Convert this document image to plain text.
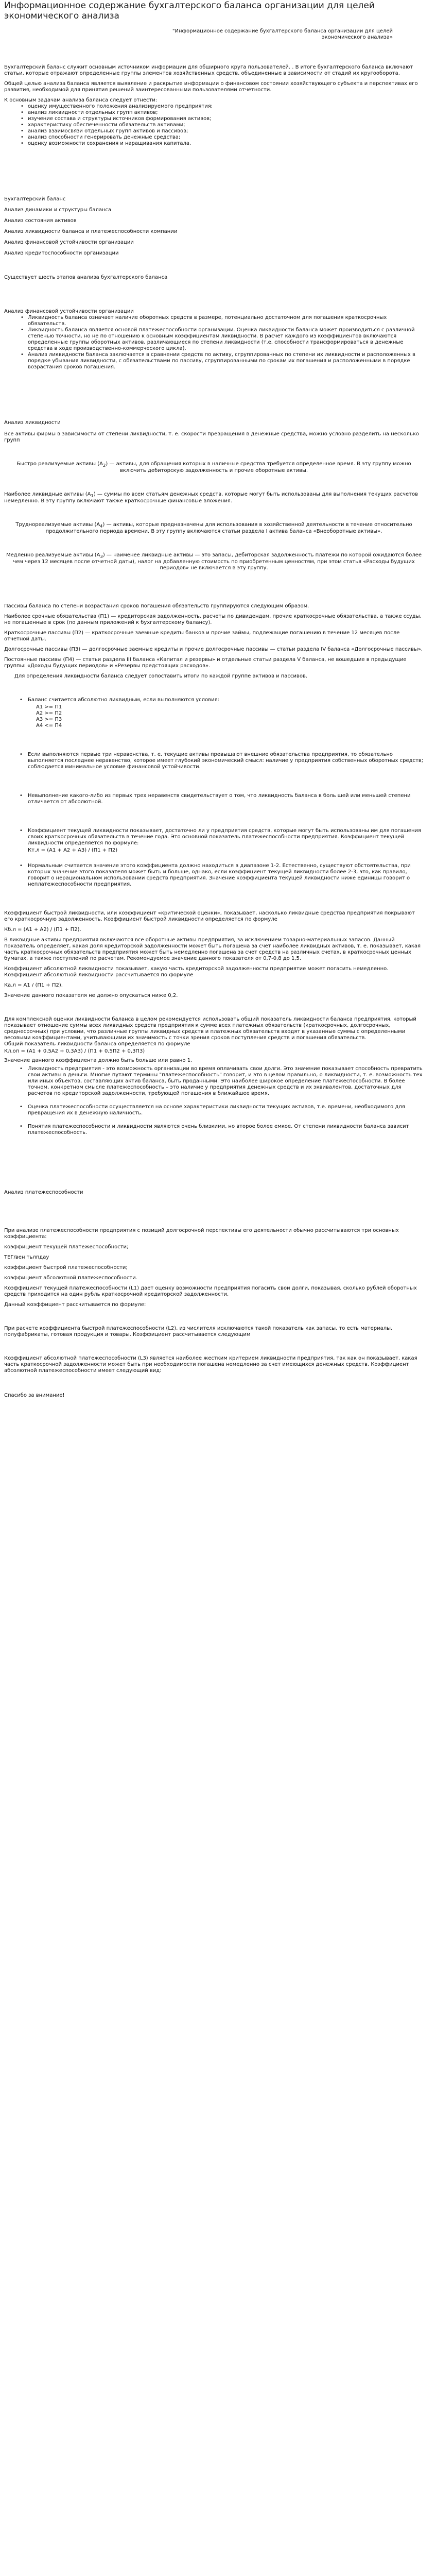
Информационное содержание бухгалтерского баланса организации для целей экономического анализа
"Информационное содержание бухгалтерского баланса организации для целей экономического анализа»

Бухгалтерский баланс служит основным источником информации для обширного круга пользователей. . В итоге бухгалтерского баланса включают статьи, которые отражают определенные группы элементов хозяйственных средств, объединенные в зависимости от стадий их кругооборота.

Общей целью анализа баланса является выявление и раскрытие информации о финансовом состоянии хозяйствующего субъекта и перспективах его развития, необходимой для принятия решений заинтересованными пользователями отчетности.

К основным задачам анализа баланса следует отнести:

• оценку имущественного положения анализируемого предприятия;
• анализ ликвидности отдельных групп активов;
• изучение состава и структуры источников формирования активов;
• характеристику обеспеченности обязательств активами;
• анализ взаимосвязи отдельных групп активов и пассивов;
• анализ способности генерировать денежные средства;
• оценку возможности сохранения и наращивания капитала.

Бухгалтерский баланс

Анализ динамики и структуры баланса

Анализ состояния активов

Анализ ликвидности баланса и платежеспособности компании

Анализ финансовой устойчивости организации

Анализ кредитоспособности организации

Существует шесть этапов анализа бухгалтерского баланса

Анализ финансовой устойчивости организации

• Ликвидность баланса означает наличие оборотных средств в размере, потенциально достаточном для погашения краткосрочных обязательств.
• Ликвидность баланса является основой платежеспособности организации. Оценка ликвидности баланса может производиться с различной степенью точности, но не по отношению к основным коэффициентам ликвидности. В расчет каждого из коэффициентов включаются определенные группы оборотных активов, различающиеся по степени ликвидности (т.е. способности трансформироваться в денежные средства в ходе производственно-коммерческого цикла).
• Анализ ликвидности баланса заключается в сравнении средств по активу, сгруппированных по степени их ликвидности и расположенных в порядке убывания ликвидности, с обязательствами по пассиву, сгруппированными по срокам их погашения и расположенными в порядке возрастания сроков погашения.

Анализ ликвидности

Все активы фирмы в зависимости от степени ликвидности, т. е. скорости превращения в денежные средства, можно условно разделить на несколько групп

Быстро реализуемые активы $(А_2)$ — активы, для обращения которых в наличные средства требуется определенное время. В эту группу можно включить дебиторскую задолженность и прочие оборотные активы.

Наиболее ликвидные активы $(А_1)$ — суммы по всем статьям денежных средств, которые могут быть использованы для выполнения текущих расчетов немедленно. В эту группу включают также краткосрочные финансовые вложения.

Труднореализуемые активы $(А_4)$ — активы, которые предназначены для использования в хозяйственной деятельности в течение относительно продолжительного периода времени. В эту группу включаются статьи раздела I актива баланса «Внеоборотные активы».

Медленно реализуемые активы $(А_3)$ — наименее ликвидные активы — это запасы, дебиторская задолженность платежи по которой ожидаются более чем через 12 месяцев после отчетной даты), налог на добавленную стоимость по приобретенным ценностям, при этом статья «Расходы будущих периодов» не включается в эту группу.

Пассивы баланса по степени возрастания сроков погашения обязательств группируются следующим образом.

Наиболее срочные обязательства (П1) — кредиторская задолженность, расчеты по дивидендам, прочие краткосрочные обязательства, а также ссуды, не погашенные в срок (по данным приложений к бухгалтерскому балансу).

Краткосрочные пассивы (П2) — краткосрочные заемные кредиты банков и прочие займы, подлежащие погашению в течение 12 месяцев после отчетной даты.

Долгосрочные пассивы (П3) — долгосрочные заемные кредиты и прочие долгосрочные пассивы — статьи раздела IV баланса «Долгосрочные пассивы».

Постоянные пассивы (П4) — статьи раздела III баланса «Капитал и резервы» и отдельные статьи раздела V баланса, не вошедшие в предыдущие группы: «Доходы будущих периодов» и «Резервы предстоящих расходов».

Для определения ликвидности баланса следует сопоставить итоги по каждой группе активов и пассивов.

• Баланс считается абсолютно ликвидным, если выполняются условия:
А1 >= П1
А2 >= П2
А3 >= П3
А4 <= П4
• Если выполняются первые три неравенства, т. е. текущие активы превышают внешние обязательства предприятия, то обязательно выполняется последнее неравенство, которое имеет глубокий экономический смысл: наличие у предприятия собственных оборотных средств; соблюдается минимальное условие финансовой устойчивости.
• Невыполнение какого-либо из первых трех неравенств свидетельствует о том, что ликвидность баланса в боль шей или меньшей степени отличается от абсолютной.
• Коэффициент текущей ликвидности показывает, достаточно ли у предприятия средств, которые могут быть использованы им для погашения своих краткосрочных обязательств в течение года. Это основной показатель платежеспособности предприятия. Коэффициент текущей ликвидности определяется по формуле:
Кт.л = (А1 + А2 + А3) / (П1 + П2)
• Нормальным считается значение этого коэффициента должно находиться в диапазоне 1-2. Естественно, существуют обстоятельства, при которых значение этого показателя может быть и больше, однако, если коэффициент текущей ликвидности более 2-3, это, как правило, говорит о нерациональном использовании средств предприятия. Значение коэффициента текущей ликвидности ниже единицы говорит о неплатежеспособности предприятия.

Коэффициент быстрой ликвидности, или коэффициент «критической оценки», показывает, насколько ликвидные средства предприятия покрывают его краткосрочную задолженность. Коэффициент быстрой ликвидности определяется по формуле

Кб.л = (А1 + А2) / (П1 + П2).

В ликвидные активы предприятия включаются все оборотные активы предприятия, за исключением товарно-материальных запасов. Данный показатель определяет, какая доля кредиторской задолженности может быть погашена за счет наиболее ликвидных активов, т. е. показывает, какая часть краткосрочных обязательств предприятия может быть немедленно погашена за счет средств на различных счетах, в краткосрочных ценных бумагах, а также поступлений по расчетам. Рекомендуемое значение данного показателя от 0,7-0,8 до 1,5.

Коэффициент абсолютной ликвидности показывает, какую часть кредиторской задолженности предприятие может погасить немедленно. Коэффициент абсолютной ликвидности рассчитывается по формуле

Ка.л = А1 / (П1 + П2).

Значение данного показателя не должно опускаться ниже 0,2.

Для комплексной оценки ликвидности баланса в целом рекомендуется использовать общий показатель ликвидности баланса предприятия, который показывает отношение суммы всех ликвидных средств предприятия к сумме всех платежных обязательств (краткосрочных, долгосрочных, среднесрочных) при условии, что различные группы ликвидных средств и платежных обязательств входят в указанные суммы с определенными весовыми коэффициентами, учитывающими их значимость с точки зрения сроков поступления средств и погашения обязательств.

Общий показатель ликвидности баланса определяется по формуле

Кл.оп = (А1 + 0,5А2 + 0,3А3) / (П1 + 0,5П2 + 0,3П3)

Значение данного коэффициента должно быть больше или равно 1.

• Ликвидность предприятия - это возможность организации во время оплачивать свои долги. Это значение показывает способность превратить свои активы в деньги. Многие путают термины "платежеспособность" говорит, и это в целом правильно, о ликвидности, т. е. возможность тех или иных объектов, составляющих актив баланса, быть проданными. Это наиболее широкое определение платежеспособности. В более точном, конкретном смысле платежеспособность – это наличие у предприятия денежных средств и их эквивалентов, достаточных для расчетов по кредиторской задолженности, требующей погашения в ближайшее время.
• Оценка платежеспособности осуществляется на основе характеристики ликвидности текущих активов, т.е. времени, необходимого для превращения их в денежную наличность.
• Понятия платежеспособности и ликвидности являются очень близкими, но второе более емкое. От степени ликвидности баланса зависит платежеспособность.

Анализ платежеспособности

При анализе платежеспособности предприятия с позиций долгосрочной перспективы его деятельности обычно рассчитываются три основных коэффициента:

коэффициент текущей платежеспособности;

ТЕГ/вен тьлпдау

коэффициент быстрой платежеспособности;

коэффициент абсолютной платежеспособности.

Коэффициент текущей платежеспособности (L1) дает оценку возможности предприятия погасить свои долги, показывая, сколько рублей оборотных средств приходится на один рубль краткосрочной кредиторской задолженности.

Данный коэффициент рассчитывается по формуле:

При расчете коэффициента быстрой платежеспособности (L2), из числителя исключаются такой показатель как запасы, то есть материалы, полуфабрикаты, готовая продукция и товары. Коэффициент рассчитывается следующим

Коэффициент абсолютной платежеспособности (L3) является наиболее жестким критерием ликвидности предприятия, так как он показывает, какая часть краткосрочной задолженности может быть при необходимости погашена немедленно за счет имеющихся денежных средств. Коэффициент абсолютной платежеспособности имеет следующий вид:

Спасибо за внимание!
